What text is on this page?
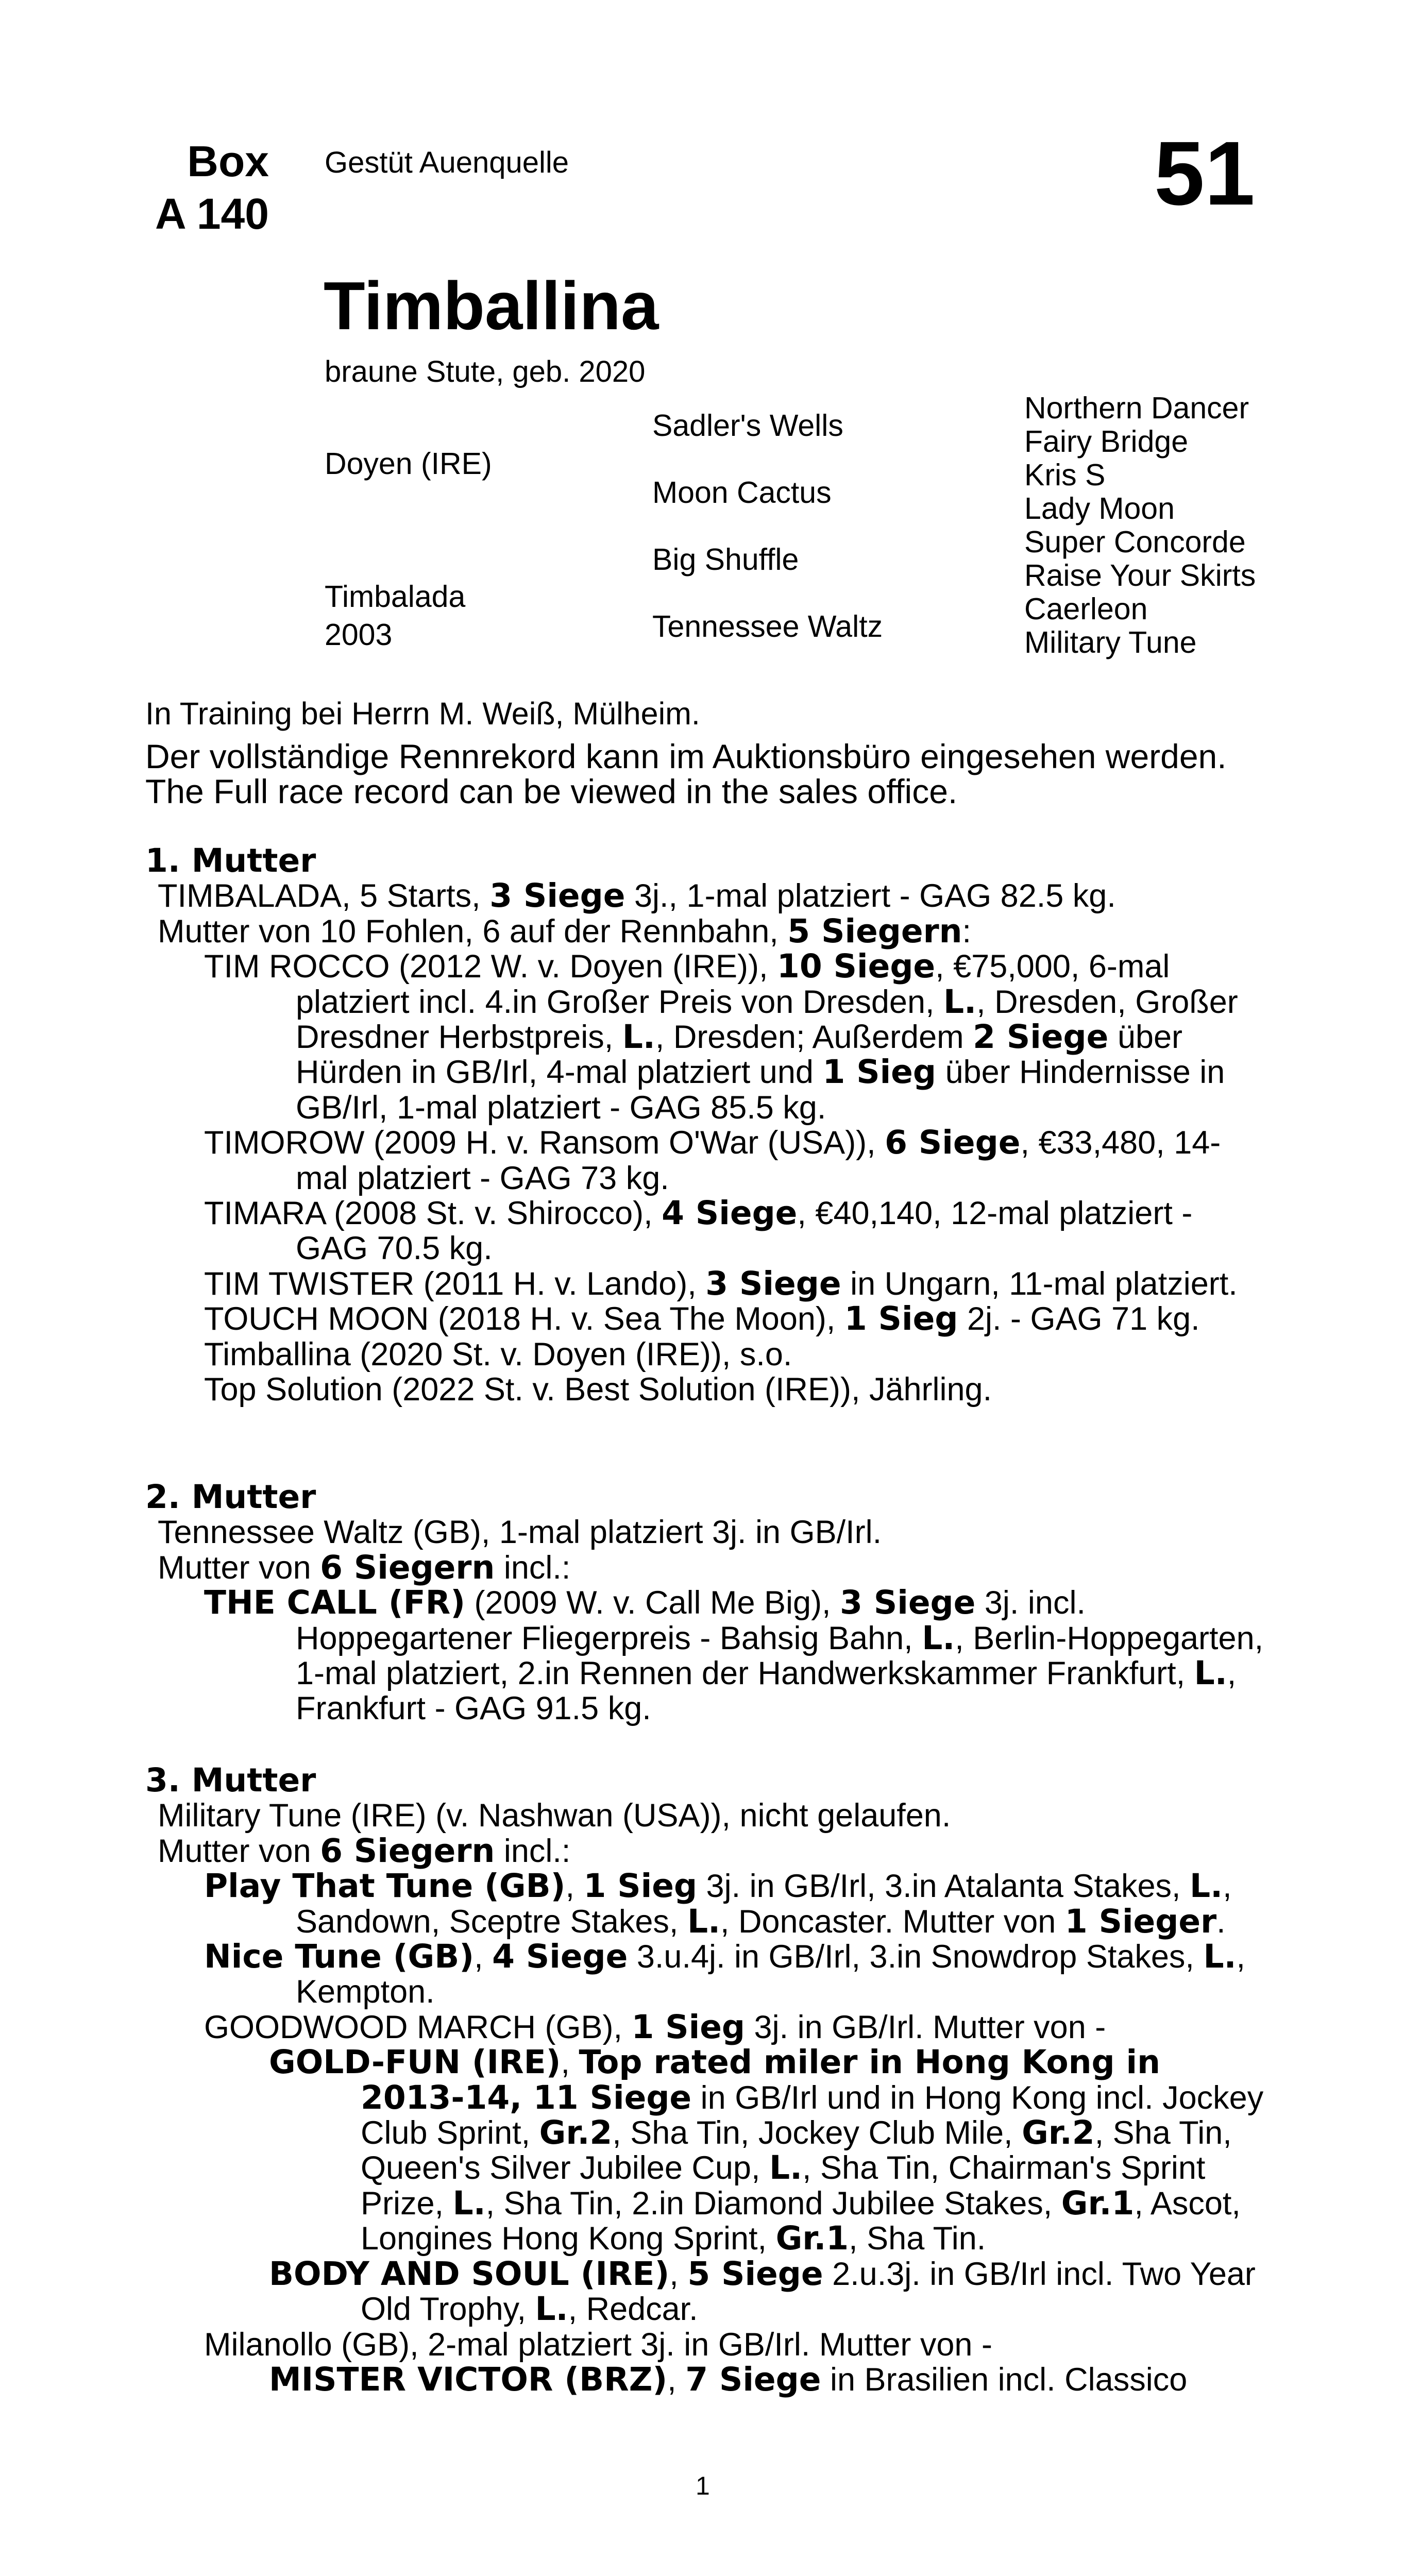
Box
A 140
Gestüt Auenquelle	51
Timballina
braune Stute, geb. 2020
Doyen (IRE)
Timbalada
2003
Sadler's Wells
Moon Cactus
Big Shuffle
Tennessee Waltz
Northern Dancer
Fairy Bridge
Kris S
Lady Moon
Super Concorde
Raise Your Skirts
Caerleon
Military Tune
In Training bei Herrn M. Weiß, Mülheim.
Der vollständige Rennrekord kann im Auktionsbüro eingesehen werden.
The Full race record can be viewed in the sales office.
1. Mutter
TIMBALADA, 5 Starts, 3 Siege 3j., 1-mal platziert - GAG 82.5 kg.
Mutter von 10 Fohlen, 6 auf der Rennbahn, 5 Siegern:
TIM ROCCO (2012 W. v. Doyen (IRE)), 10 Siege, €75,000, 6-mal platziert incl. 4.in Großer Preis von Dresden, L., Dresden, Großer Dresdner Herbstpreis, L., Dresden; Außerdem 2 Siege über Hürden in GB/Irl, 4-mal platziert und 1 Sieg über Hindernisse in GB/Irl, 1-mal platziert - GAG 85.5 kg.
TIMOROW (2009 H. v. Ransom O'War (USA)), 6 Siege, €33,480, 14-mal platziert - GAG 73 kg.
TIMARA (2008 St. v. Shirocco), 4 Siege, €40,140, 12-mal platziert - GAG 70.5 kg.
TIM TWISTER (2011 H. v. Lando), 3 Siege in Ungarn, 11-mal platziert.
TOUCH MOON (2018 H. v. Sea The Moon), 1 Sieg 2j. - GAG 71 kg.
Timballina (2020 St. v. Doyen (IRE)), s.o.
Top Solution (2022 St. v. Best Solution (IRE)), Jährling.
2. Mutter
Tennessee Waltz (GB), 1-mal platziert 3j. in GB/Irl.
Mutter von 6 Siegern incl.:
THE CALL (FR) (2009 W. v. Call Me Big), 3 Siege 3j. incl. Hoppegartener Fliegerpreis - Bahsig Bahn, L., Berlin-Hoppegarten, 1-mal platziert, 2.in Rennen der Handwerkskammer Frankfurt, L., Frankfurt - GAG 91.5 kg.
3. Mutter
Military Tune (IRE) (v. Nashwan (USA)), nicht gelaufen.
Mutter von 6 Siegern incl.:
Play That Tune (GB), 1 Sieg 3j. in GB/Irl, 3.in Atalanta Stakes, L., Sandown, Sceptre Stakes, L., Doncaster. Mutter von 1 Sieger.
Nice Tune (GB), 4 Siege 3.u.4j. in GB/Irl, 3.in Snowdrop Stakes, L., Kempton.
GOODWOOD MARCH (GB), 1 Sieg 3j. in GB/Irl. Mutter von -
GOLD-FUN (IRE), Top rated miler in Hong Kong in 2013-14, 11 Siege in GB/Irl und in Hong Kong incl. Jockey Club Sprint, Gr.2, Sha Tin, Jockey Club Mile, Gr.2, Sha Tin, Queen's Silver Jubilee Cup, L., Sha Tin, Chairman's Sprint Prize, L., Sha Tin, 2.in Diamond Jubilee Stakes, Gr.1, Ascot, Longines Hong Kong Sprint, Gr.1, Sha Tin.
BODY AND SOUL (IRE), 5 Siege 2.u.3j. in GB/Irl incl. Two Year Old Trophy, L., Redcar.
Milanollo (GB), 2-mal platziert 3j. in GB/Irl. Mutter von -
MISTER VICTOR (BRZ), 7 Siege in Brasilien incl. Classico
1
